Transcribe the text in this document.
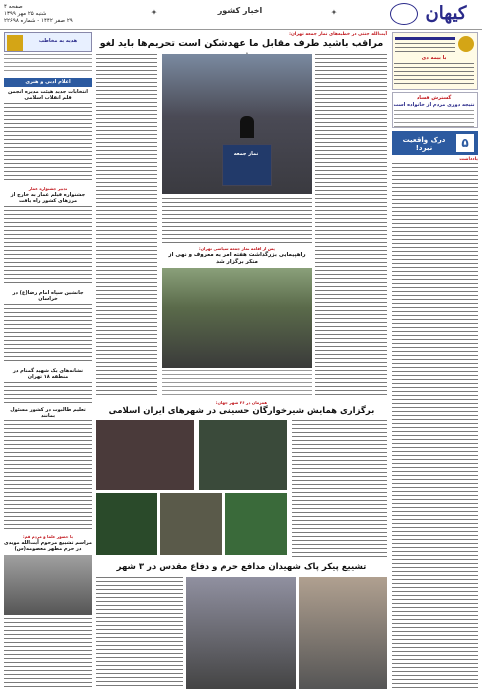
کیهان
اخبار کشور	✦
✦
صفحه ۴
شنبه ۲۵ مهر ۱۳۹۹
۲۹ صفر ۱۴۴۲ - شماره ۲۲۶۹۸
با بیمه دی
گسترش فساد
نتیجه دوری مردم از خانواده است
۵
درک واقعیت نبرد!
یادداشت
آیت‌الله جنتی در خطبه‌های نماز جمعه تهران:
مراقب باشید طرف مقابل ما عهدشکن است تحریم‌ها باید لغو
نماز جمعه
پس از اقامه نماز جمعه سیاسی تهران:
راهپیمایی بزرگداشت هفته امر به معروف و نهی از منکر برگزار شد
همزمان در ۲۶ شهر جهان:
برگزاری همایش شیرخوارگان حسینی در شهرهای ایران اسلامی
تشییع پیکر پاک شهیدان مدافع حرم و دفاع مقدس در ۳ شهر
هدیه به مخاطب
اعلام ادبی و هنری
انتخابات جدید هیئت مدیره انجمن قلم انقلاب اسلامی
تدبیر جشنواره عمار
جشنواره فیلم عمار به خارج از مرزهای کشور راه یافت
جانشین سپاه امام رضا(ع) در خراسان
نشانه‌های یک شهید گمنام در منطقه ۱۸ تهران
تعلیم طالبوت در کشور مسئول بمانند
با حضور علما و مردم قم:
مراسم تشییع مرحوم آیت‌الله مویدی در حرم مطهر معصومه(س)
